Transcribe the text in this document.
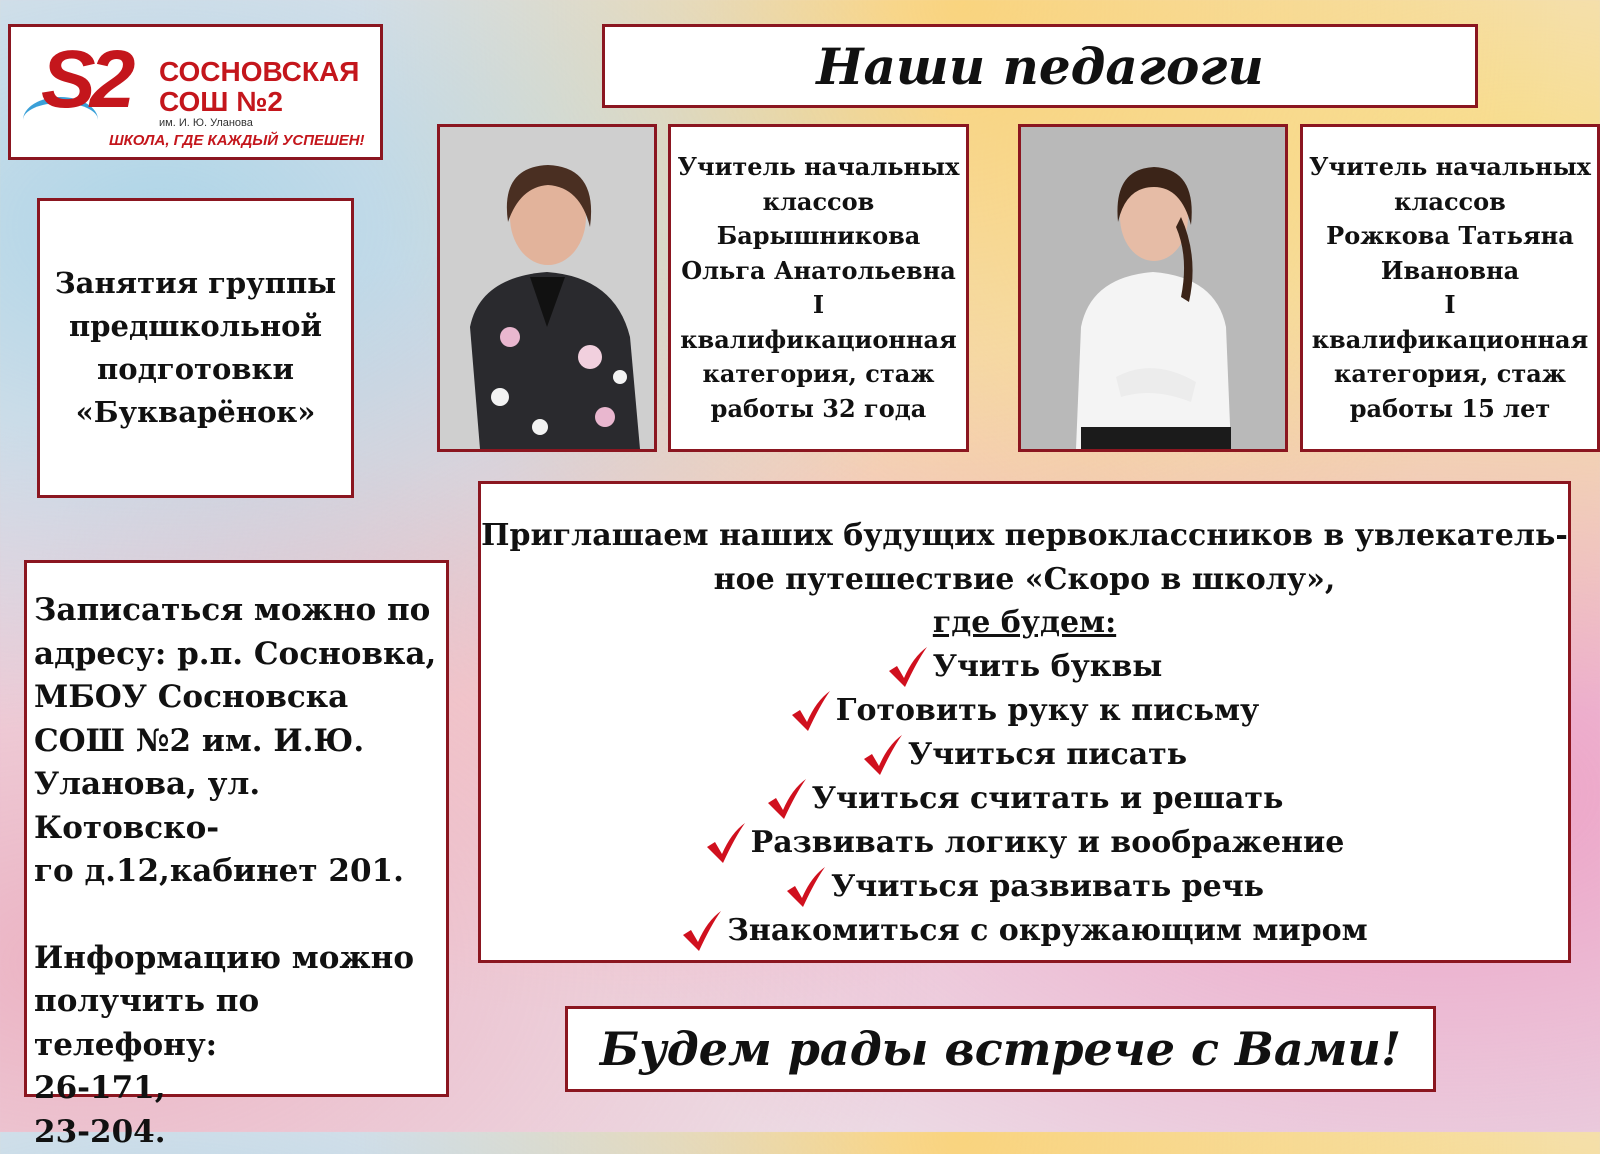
S2 СОСНОВСКАЯ
СОШ №2
им. И. Ю. Уланова
ШКОЛА, ГДЕ КАЖДЫЙ УСПЕШЕН!
Наши педагоги
Занятия группы предшкольной подготовки «Букварёнок»
Учитель начальных
классов
Барышникова
Ольга Анатольевна
I квалификационная
категория, стаж
работы 32 года
Учитель начальных
классов
Рожкова Татьяна
Ивановна
I квалификационная
категория, стаж
работы 15 лет

Записаться можно по
адресу: р.п. Сосновка,
МБОУ Сосновска
СОШ №2 им. И.Ю.
Уланова, ул. Котовско-
го д.12,кабинет 201.

Информацию можно
получить по телефону:
26-171,
23-204.

Приглашаем наших будущих первоклассников в увлекатель-
ное путешествие «Скоро в школу»,
где будем:
Учить буквы
Готовить руку к письму
Учиться писать
Учиться считать и решать
Развивать логику и воображение
Учиться развивать речь
Знакомиться с окружающим миром
Будем рады встрече с Вами!
